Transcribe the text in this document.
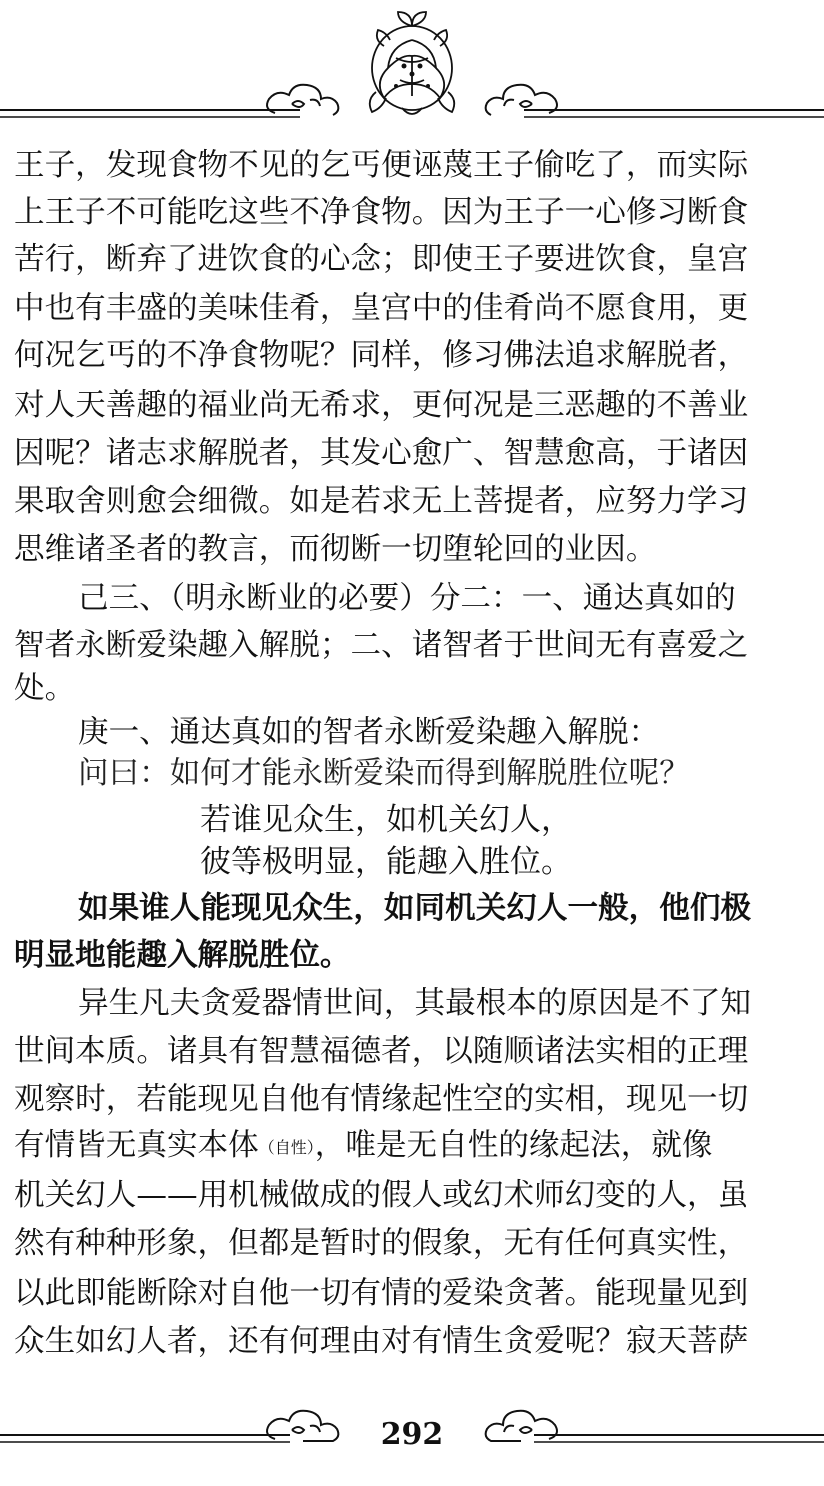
王子，发现食物不见的乞丐便诬蔑王子偷吃了，而实际
上王子不可能吃这些不净食物。因为王子一心修习断食
苦行，断弃了进饮食的心念；即使王子要进饮食，皇宫
中也有丰盛的美味佳肴，皇宫中的佳肴尚不愿食用，更
何况乞丐的不净食物呢？同样，修习佛法追求解脱者，
对人天善趣的福业尚无希求，更何况是三恶趣的不善业
因呢？诸志求解脱者，其发心愈广、智慧愈高，于诸因
果取舍则愈会细微。如是若求无上菩提者，应努力学习
思维诸圣者的教言，而彻断一切堕轮回的业因。
己三、（明永断业的必要）分二：一、通达真如的
智者永断爱染趣入解脱；二、诸智者于世间无有喜爱之
处。
庚一、通达真如的智者永断爱染趣入解脱：
问曰：如何才能永断爱染而得到解脱胜位呢？
若谁见众生，如机关幻人，
彼等极明显，能趣入胜位。
如果谁人能现见众生，如同机关幻人一般，他们极
明显地能趣入解脱胜位。
异生凡夫贪爱器情世间，其最根本的原因是不了知
世间本质。诸具有智慧福德者，以随顺诸法实相的正理
观察时，若能现见自他有情缘起性空的实相，现见一切
有情皆无真实本体（自性），唯是无自性的缘起法，就像
机关幻人——用机械做成的假人或幻术师幻变的人，虽
然有种种形象，但都是暂时的假象，无有任何真实性，
以此即能断除对自他一切有情的爱染贪著。能现量见到
众生如幻人者，还有何理由对有情生贪爱呢？寂天菩萨
292
